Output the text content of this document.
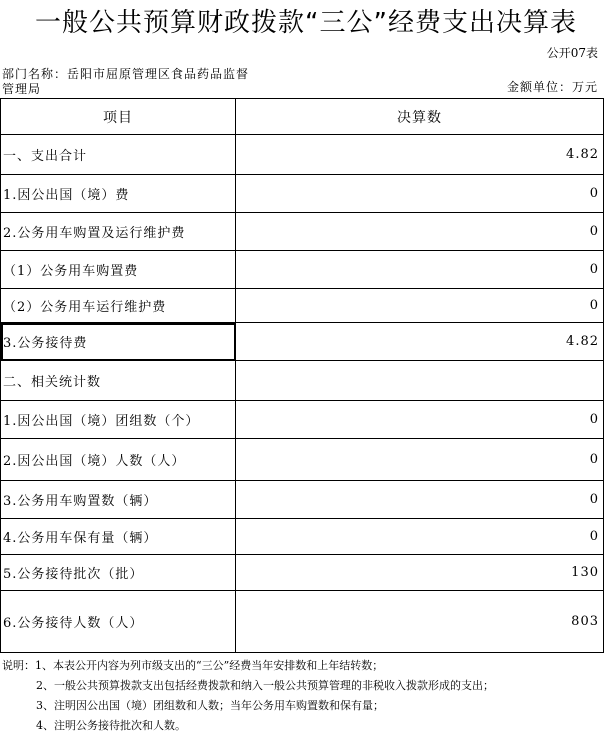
一般公共预算财政拨款“三公”经费支出决算表
公开07表
部门名称：岳阳市屈原管理区食品药品监督管理局	金额单位：万元
项目	决算数
一、支出合计	4.82
1.因公出国（境）费	0
2.公务用车购置及运行维护费	0
（1）公务用车购置费	0
（2）公务用车运行维护费	0
3.公务接待费	4.82
二、相关统计数	
1.因公出国（境）团组数（个）	0
2.因公出国（境）人数（人）	0
3.公务用车购置数（辆）	0
4.公务用车保有量（辆）	0
5.公务接待批次（批）	130
6.公务接待人数（人）	803
说明：1、本表公开内容为列市级支出的“三公”经费当年安排数和上年结转数；
2、一般公共预算拨款支出包括经费拨款和纳入一般公共预算管理的非税收入拨款形成的支出；
3、注明因公出国（境）团组数和人数；当年公务用车购置数和保有量；
4、注明公务接待批次和人数。
